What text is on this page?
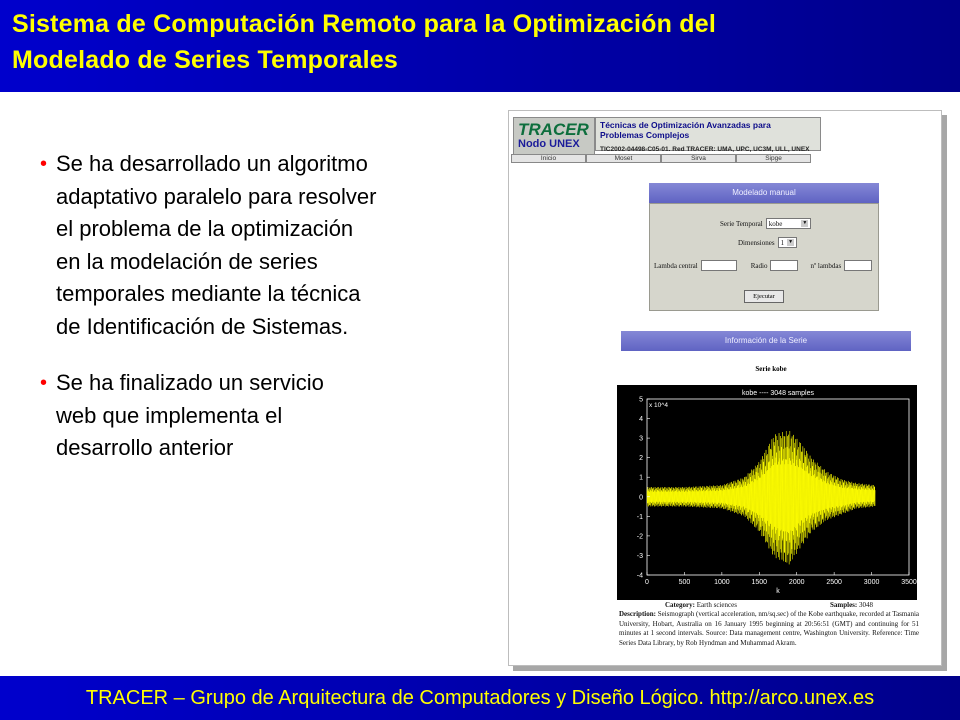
Sistema de Computación Remoto para la Optimización del
Modelado de Series Temporales
• Se ha desarrollado un algoritmo
adaptativo paralelo para resolver
el problema de la optimización
en la modelación de series
temporales mediante la técnica
de Identificación de Sistemas.
• Se ha finalizado un servicio
web que implementa el
desarrollo anterior
TRACER
Nodo UNEX
Técnicas de Optimización Avanzadas para Problemas Complejos
TIC2002-04498-C05-01. Red TRACER: UMA, UPC, UC3M, ULL, UNEX
Inicio	Moset	Sirva	Sipge
Modelado manual
Serie Temporal kobe	▼
Dimensiones 1 ▼
Lambda central	Radio	nº lambdas
Ejecutar
Información de la Serie
Serie kobe
0	500	1000	1500	2000	2500	3000	3500
5
4
3
2
1
0
-1
-2
-3
-4
kobe ---- 3048 samples
k
x 10^4
Category: Earth sciences	Samples: 3048
Description: Seismograph (vertical acceleration, nm/sq.sec) of the Kobe earthquake, recorded at Tasmania University, Hobart, Australia on 16 January 1995 beginning at 20:56:51 (GMT) and continuing for 51 minutes at 1 second intervals. Source: Data management centre, Washington University. Reference: Time Series Data Library, by Rob Hyndman and Muhammad Akram.
TRACER – Grupo de Arquitectura de Computadores y Diseño Lógico. http://arco.unex.es
